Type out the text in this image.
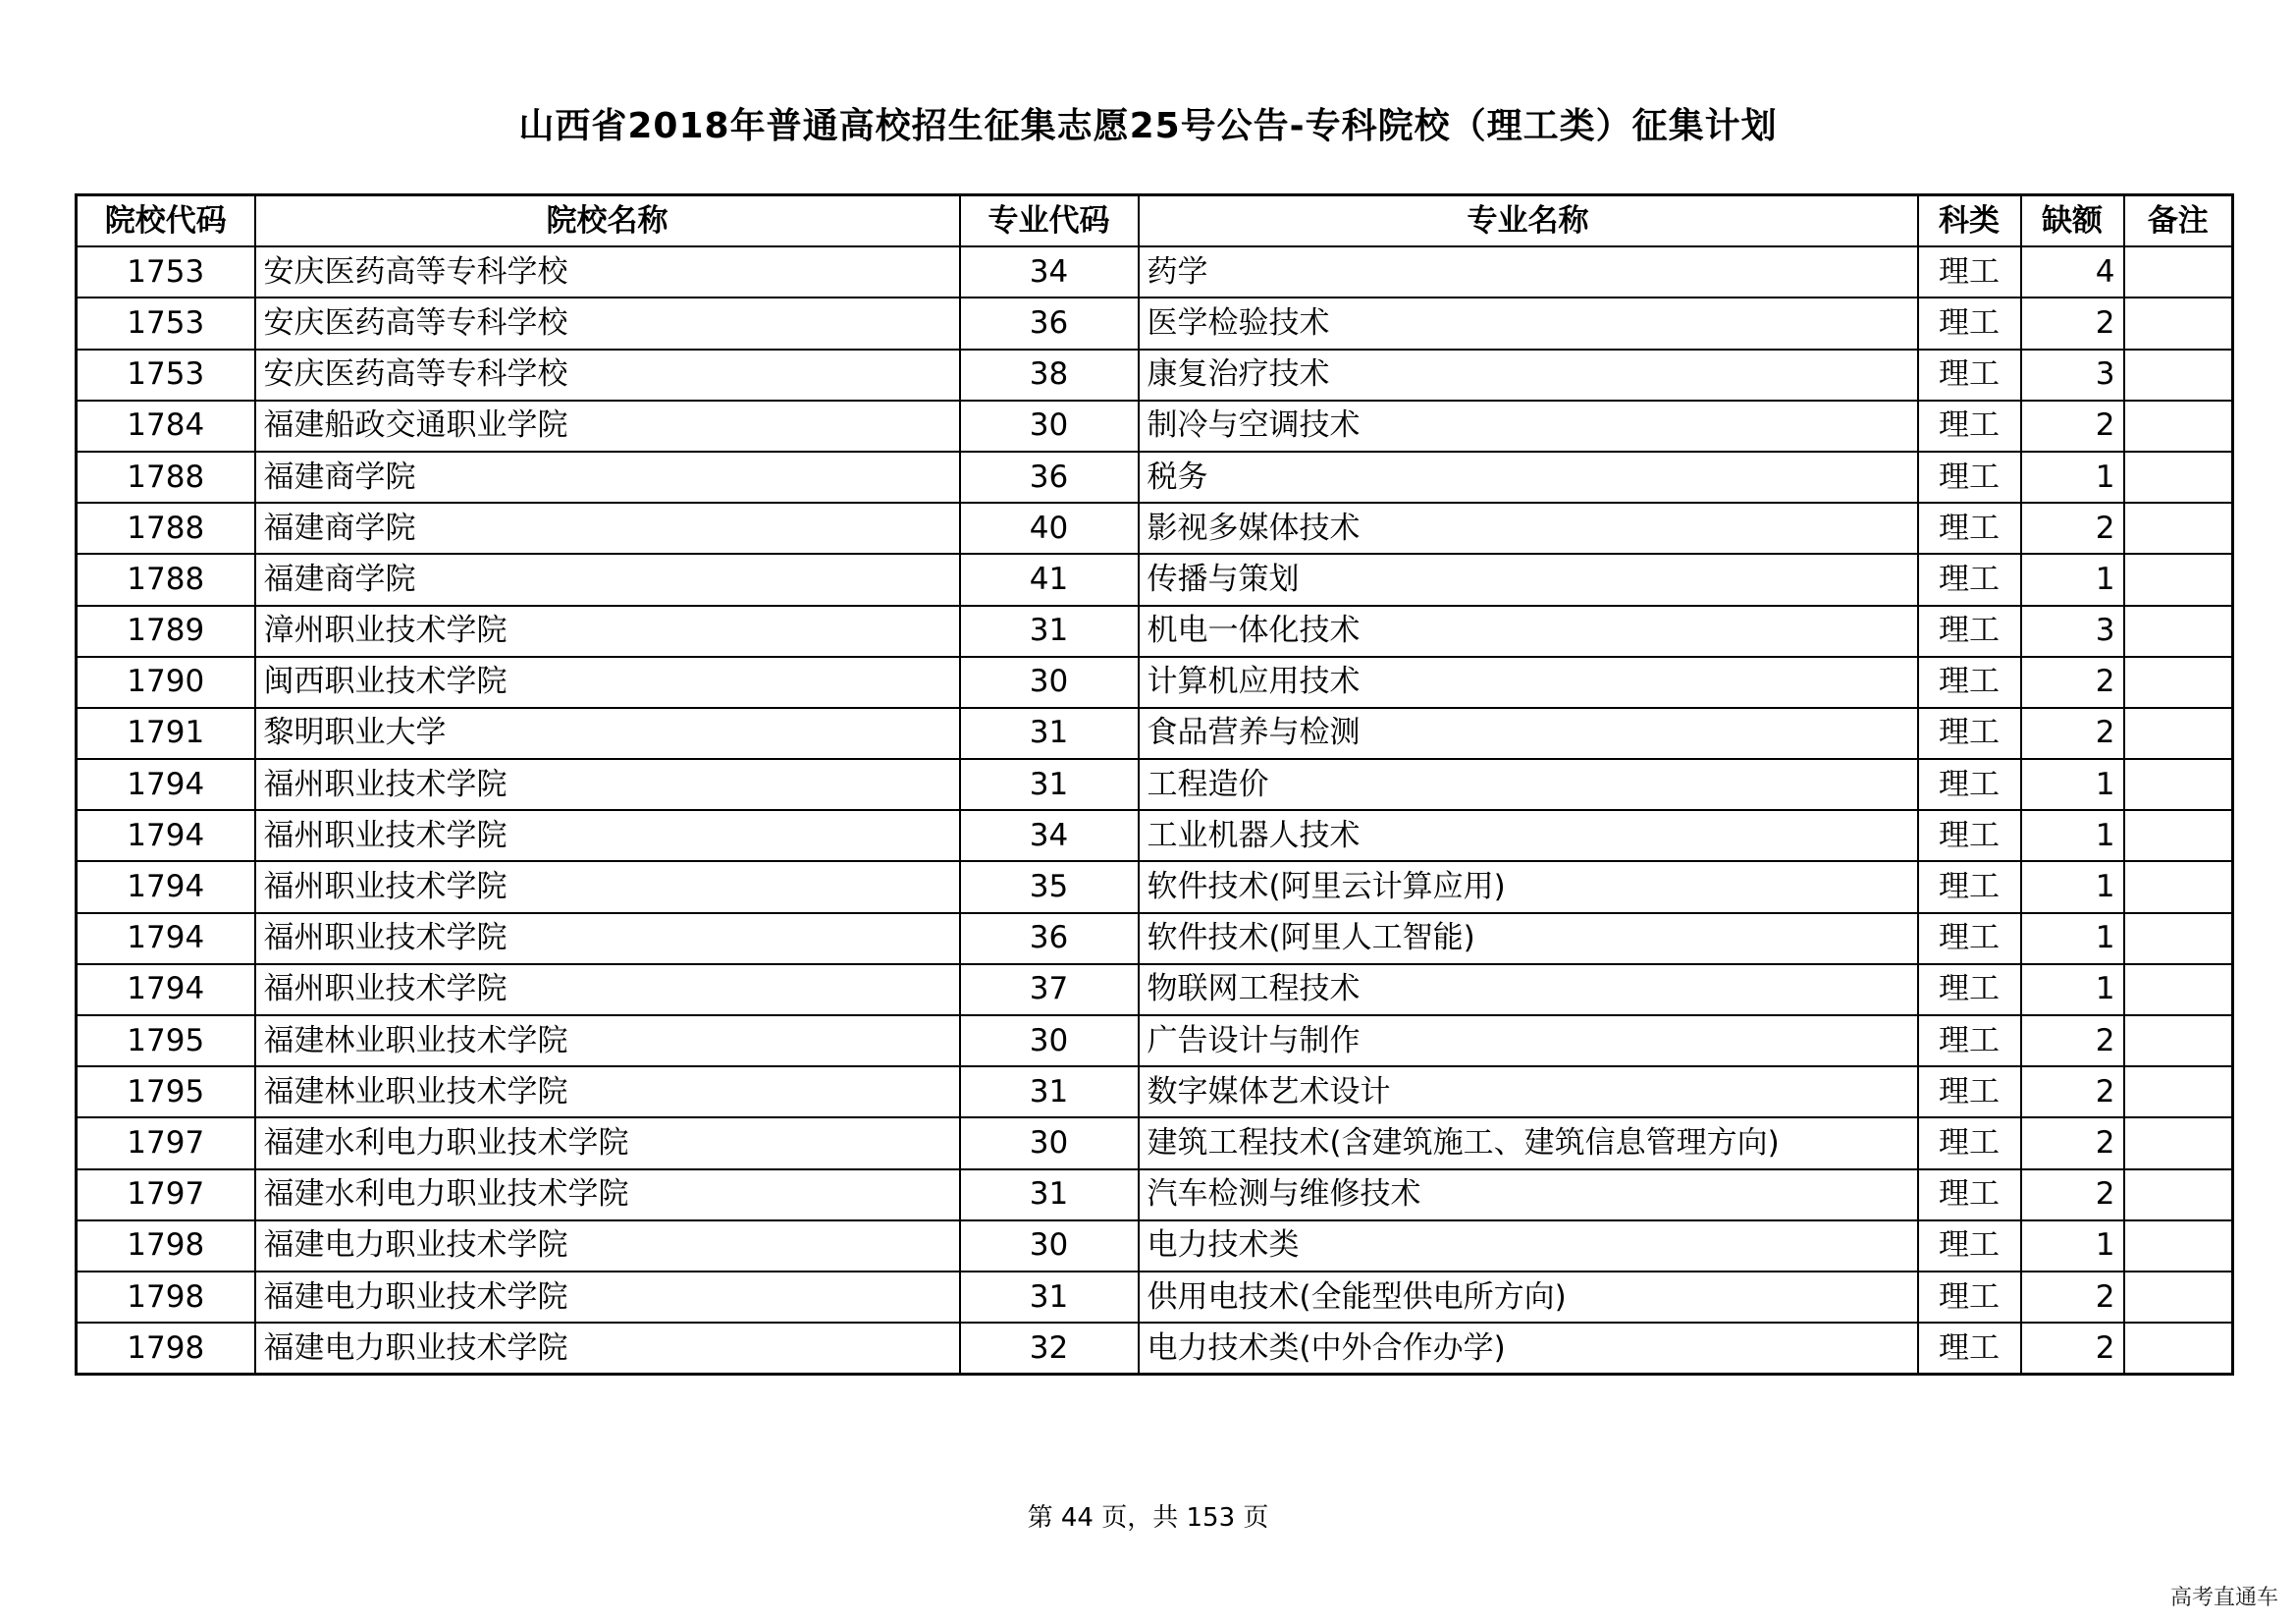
山西省2018年普通高校招生征集志愿25号公告-专科院校（理工类）征集计划
院校代码	院校名称	专业代码	专业名称	科类	缺额	备注
1753	安庆医药高等专科学校	34	药学	理工	4	
1753	安庆医药高等专科学校	36	医学检验技术	理工	2	
1753	安庆医药高等专科学校	38	康复治疗技术	理工	3	
1784	福建船政交通职业学院	30	制冷与空调技术	理工	2	
1788	福建商学院	36	税务	理工	1	
1788	福建商学院	40	影视多媒体技术	理工	2	
1788	福建商学院	41	传播与策划	理工	1	
1789	漳州职业技术学院	31	机电一体化技术	理工	3	
1790	闽西职业技术学院	30	计算机应用技术	理工	2	
1791	黎明职业大学	31	食品营养与检测	理工	2	
1794	福州职业技术学院	31	工程造价	理工	1	
1794	福州职业技术学院	34	工业机器人技术	理工	1	
1794	福州职业技术学院	35	软件技术(阿里云计算应用)	理工	1	
1794	福州职业技术学院	36	软件技术(阿里人工智能)	理工	1	
1794	福州职业技术学院	37	物联网工程技术	理工	1	
1795	福建林业职业技术学院	30	广告设计与制作	理工	2	
1795	福建林业职业技术学院	31	数字媒体艺术设计	理工	2	
1797	福建水利电力职业技术学院	30	建筑工程技术(含建筑施工、建筑信息管理方向)	理工	2	
1797	福建水利电力职业技术学院	31	汽车检测与维修技术	理工	2	
1798	福建电力职业技术学院	30	电力技术类	理工	1	
1798	福建电力职业技术学院	31	供用电技术(全能型供电所方向)	理工	2	
1798	福建电力职业技术学院	32	电力技术类(中外合作办学)	理工	2	
第 44 页，共 153 页
高考直通车
